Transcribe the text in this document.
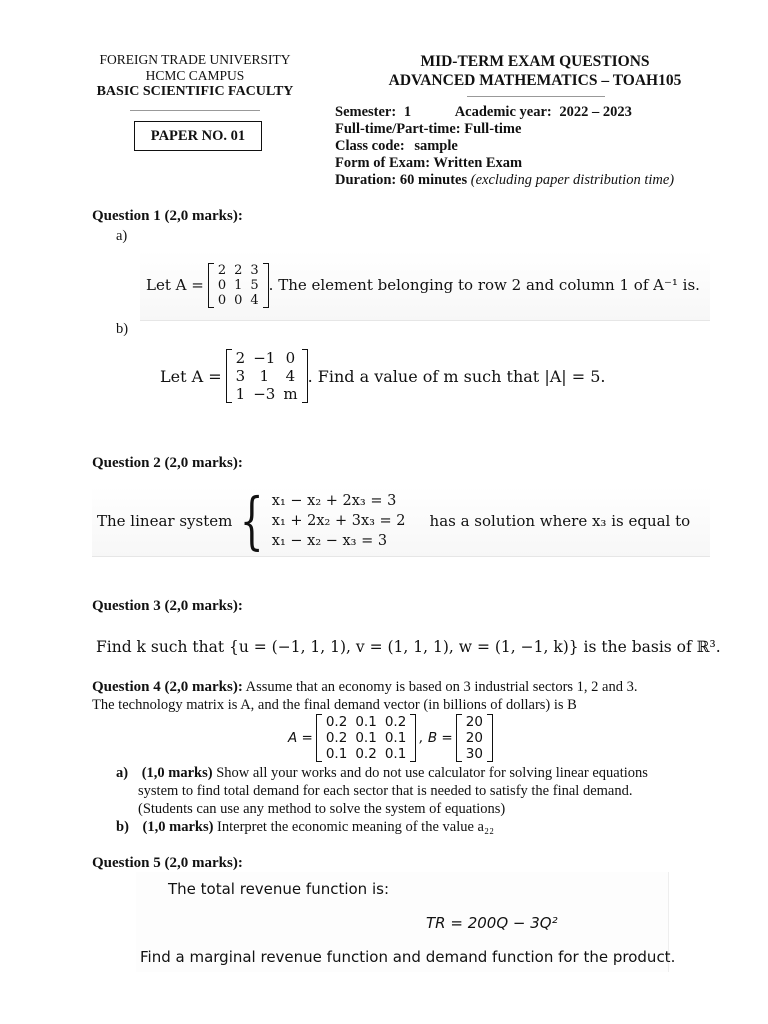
FOREIGN TRADE UNIVERSITY
HCMC CAMPUS
BASIC SCIENTIFIC FACULTY
PAPER NO. 01
MID-TERM EXAM QUESTIONS
ADVANCED MATHEMATICS – TOAH105
Semester: 1	Academic year: 2022 – 2023
Full-time/Part-time: Full-time
Class code: sample
Form of Exam: Written Exam
Duration: 60 minutes (excluding paper distribution time)
Question 1 (2,0 marks):
a)
Let A =
2	2	3
0	1	5
0	0	4
. The element belonging to row 2 and column 1 of A⁻¹ is.
b)
Let A =
2	−1	0
3	1	4
1	−3	m
. Find a value of m such that |A| = 5.
Question 2 (2,0 marks):
The linear system { x₁ − x₂ + 2x₃ = 3
x₁ + 2x₂ + 3x₃ = 2
x₁ − x₂ − x₃ = 3
has a solution where x₃ is equal to
Question 3 (2,0 marks):
Find k such that {u = (−1, 1, 1), v = (1, 1, 1), w = (1, −1, k)} is the basis of ℝ³.
Question 4 (2,0 marks): Assume that an economy is based on 3 industrial sectors 1, 2 and 3.
The technology matrix is A, and the final demand vector (in billions of dollars) is B
A =
0.2	0.1	0.2
0.2	0.1	0.1
0.1	0.2	0.1
, B =
20
20
30
a) (1,0 marks) Show all your works and do not use calculator for solving linear equations
system to find total demand for each sector that is needed to satisfy the final demand.
(Students can use any method to solve the system of equations)
b) (1,0 marks) Interpret the economic meaning of the value a₂₂
Question 5 (2,0 marks):
The total revenue function is:
TR = 200Q − 3Q²
Find a marginal revenue function and demand function for the product.
